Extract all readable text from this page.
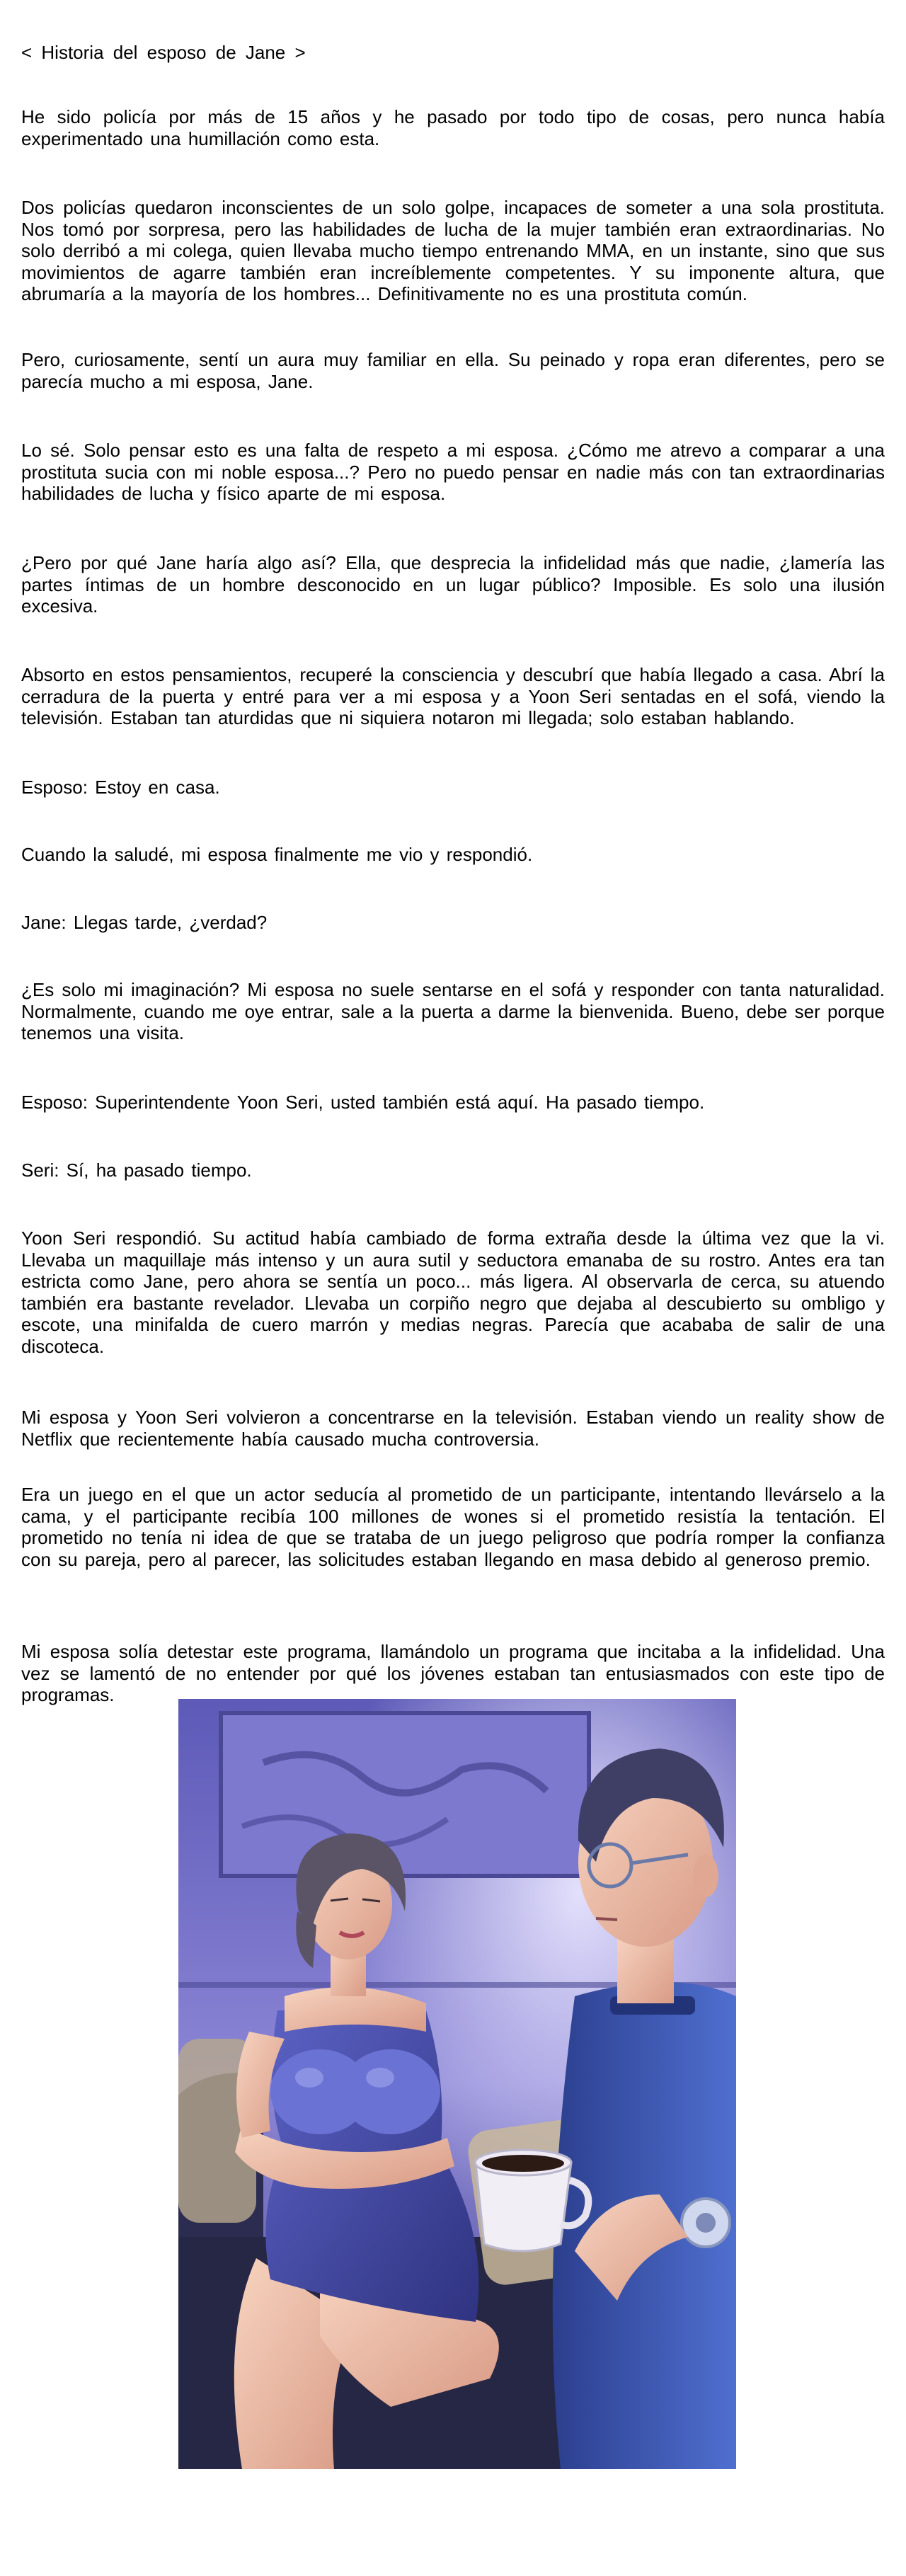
< Historia del esposo de Jane >

He sido policía por más de 15 años y he pasado por todo tipo de cosas, pero nunca había experimentado una humillación como esta.

Dos policías quedaron inconscientes de un solo golpe, incapaces de someter a una sola prostituta. Nos tomó por sorpresa, pero las habilidades de lucha de la mujer también eran extraordinarias. No solo derribó a mi colega, quien llevaba mucho tiempo entrenando MMA, en un instante, sino que sus movimientos de agarre también eran increíblemente competentes. Y su imponente altura, que abrumaría a la mayoría de los hombres... Definitivamente no es una prostituta común.

Pero, curiosamente, sentí un aura muy familiar en ella. Su peinado y ropa eran diferentes, pero se parecía mucho a mi esposa, Jane.

Lo sé. Solo pensar esto es una falta de respeto a mi esposa. ¿Cómo me atrevo a comparar a una prostituta sucia con mi noble esposa...? Pero no puedo pensar en nadie más con tan extraordinarias habilidades de lucha y físico aparte de mi esposa.

¿Pero por qué Jane haría algo así? Ella, que desprecia la infidelidad más que nadie, ¿lamería las partes íntimas de un hombre desconocido en un lugar público? Imposible. Es solo una ilusión excesiva.

Absorto en estos pensamientos, recuperé la consciencia y descubrí que había llegado a casa. Abrí la cerradura de la puerta y entré para ver a mi esposa y a Yoon Seri sentadas en el sofá, viendo la televisión. Estaban tan aturdidas que ni siquiera notaron mi llegada; solo estaban hablando.

Esposo: Estoy en casa.

Cuando la saludé, mi esposa finalmente me vio y respondió.

Jane: Llegas tarde, ¿verdad?

¿Es solo mi imaginación? Mi esposa no suele sentarse en el sofá y responder con tanta naturalidad. Normalmente, cuando me oye entrar, sale a la puerta a darme la bienvenida. Bueno, debe ser porque tenemos una visita.

Esposo: Superintendente Yoon Seri, usted también está aquí. Ha pasado tiempo.

Seri: Sí, ha pasado tiempo.

Yoon Seri respondió. Su actitud había cambiado de forma extraña desde la última vez que la vi. Llevaba un maquillaje más intenso y un aura sutil y seductora emanaba de su rostro. Antes era tan estricta como Jane, pero ahora se sentía un poco... más ligera. Al observarla de cerca, su atuendo también era bastante revelador. Llevaba un corpiño negro que dejaba al descubierto su ombligo y escote, una minifalda de cuero marrón y medias negras. Parecía que acababa de salir de una discoteca.

Mi esposa y Yoon Seri volvieron a concentrarse en la televisión. Estaban viendo un reality show de Netflix que recientemente había causado mucha controversia.

Era un juego en el que un actor seducía al prometido de un participante, intentando llevárselo a la cama, y el participante recibía 100 millones de wones si el prometido resistía la tentación. El prometido no tenía ni idea de que se trataba de un juego peligroso que podría romper la confianza con su pareja, pero al parecer, las solicitudes estaban llegando en masa debido al generoso premio.

Mi esposa solía detestar este programa, llamándolo un programa que incitaba a la infidelidad. Una vez se lamentó de no entender por qué los jóvenes estaban tan entusiasmados con este tipo de programas.
